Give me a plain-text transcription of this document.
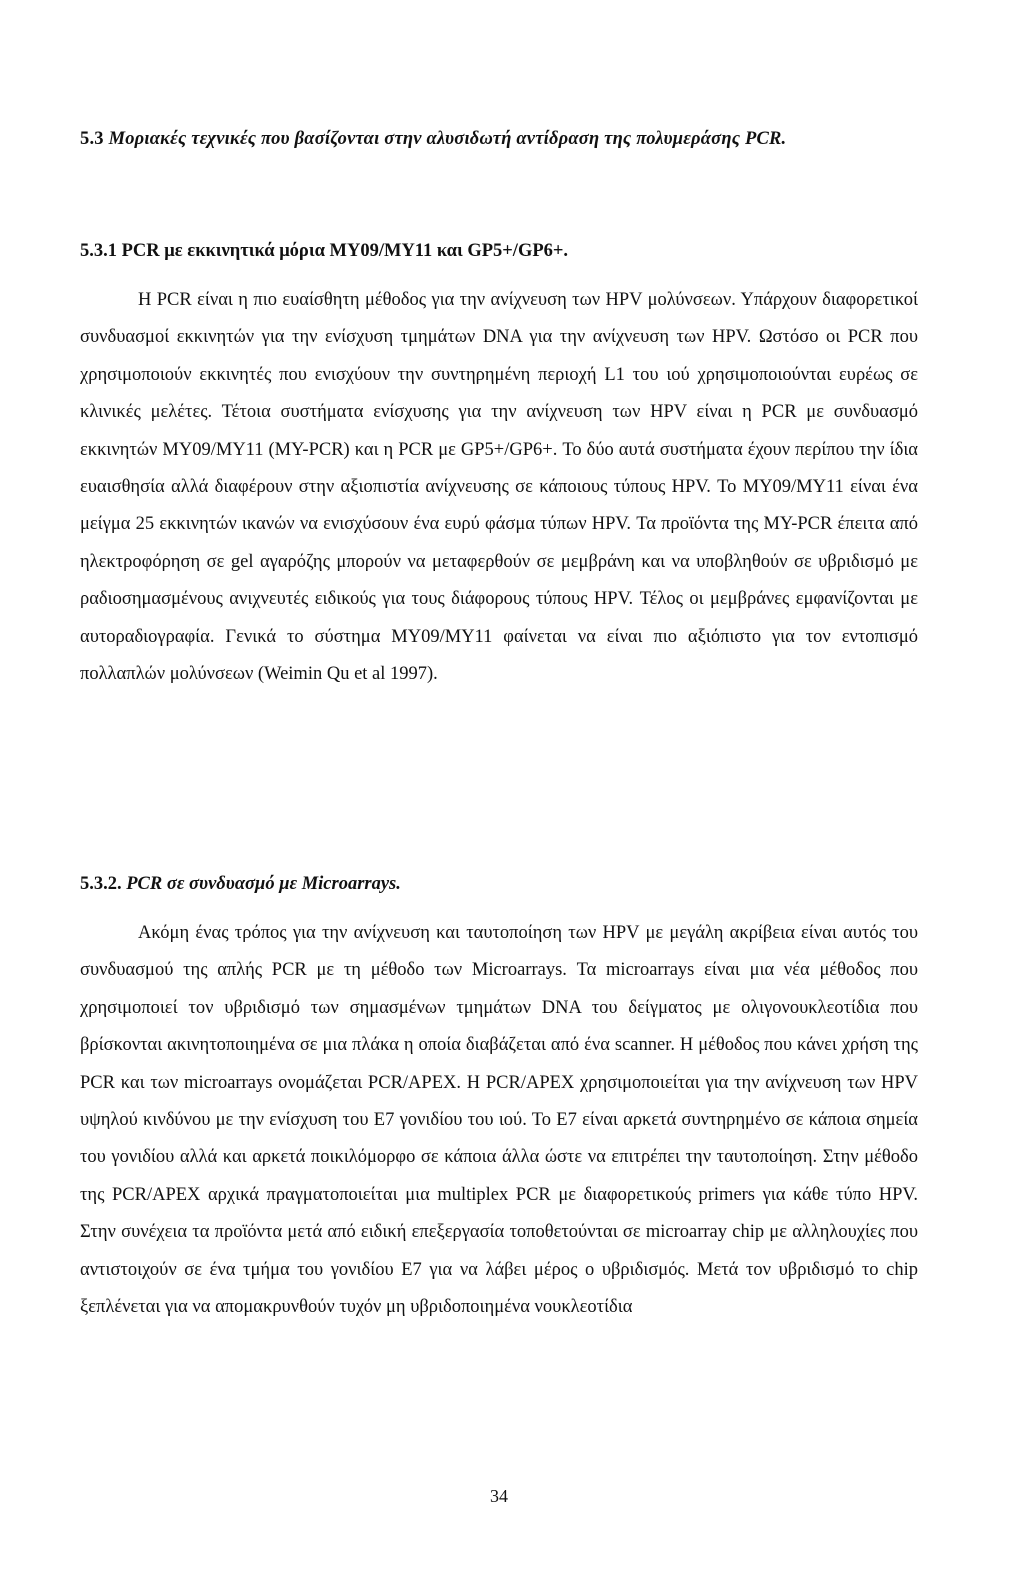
5.3 Μοριακές τεχνικές που βασίζονται στην αλυσιδωτή αντίδραση της πολυμεράσης PCR.
5.3.1 PCR με εκκινητικά μόρια MY09/MY11 και GP5+/GP6+.

Η PCR είναι η πιο ευαίσθητη μέθοδος για την ανίχνευση των HPV μολύνσεων. Υπάρχουν διαφορετικοί συνδυασμοί εκκινητών για την ενίσχυση τμημάτων DNA για την ανίχνευση των HPV. Ωστόσο οι PCR που χρησιμοποιούν εκκινητές που ενισχύουν την συντηρημένη περιοχή L1 του ιού χρησιμοποιούνται ευρέως σε κλινικές μελέτες. Τέτοια συστήματα ενίσχυσης για την ανίχνευση των HPV είναι η PCR με συνδυασμό εκκινητών MY09/MY11 (MY-PCR) και η PCR με GP5+/GP6+. Το δύο αυτά συστήματα έχουν περίπου την ίδια ευαισθησία αλλά διαφέρουν στην αξιοπιστία ανίχνευσης σε κάποιους τύπους HPV. Το MY09/MY11 είναι ένα μείγμα 25 εκκινητών ικανών να ενισχύσουν ένα ευρύ φάσμα τύπων HPV. Τα προϊόντα της MY-PCR έπειτα από ηλεκτροφόρηση σε gel αγαρόζης μπορούν να μεταφερθούν σε μεμβράνη και να υποβληθούν σε υβριδισμό με ραδιοσημασμένους ανιχνευτές ειδικούς για τους διάφορους τύπους HPV. Τέλος οι μεμβράνες εμφανίζονται με αυτοραδιογραφία. Γενικά το σύστημα MY09/MY11 φαίνεται να είναι πιο αξιόπιστο για τον εντοπισμό πολλαπλών μολύνσεων (Weimin Qu et al 1997).

5.3.2. PCR σε συνδυασμό με Microarrays.

Ακόμη ένας τρόπος για την ανίχνευση και ταυτοποίηση των HPV με μεγάλη ακρίβεια είναι αυτός του συνδυασμού της απλής PCR με τη μέθοδο των Microarrays. Τα microarrays είναι μια νέα μέθοδος που χρησιμοποιεί τον υβριδισμό των σημασμένων τμημάτων DNA του δείγματος με ολιγονουκλεοτίδια που βρίσκονται ακινητοποιημένα σε μια πλάκα η οποία διαβάζεται από ένα scanner. Η μέθοδος που κάνει χρήση της PCR και των microarrays ονομάζεται PCR/APEX. Η PCR/APEX χρησιμοποιείται για την ανίχνευση των HPV υψηλού κινδύνου με την ενίσχυση του E7 γονιδίου του ιού. Το E7 είναι αρκετά συντηρημένο σε κάποια σημεία του γονιδίου αλλά και αρκετά ποικιλόμορφο σε κάποια άλλα ώστε να επιτρέπει την ταυτοποίηση. Στην μέθοδο της PCR/APEX αρχικά πραγματοποιείται μια multiplex PCR με διαφορετικούς primers για κάθε τύπο HPV. Στην συνέχεια τα προϊόντα μετά από ειδική επεξεργασία τοποθετούνται σε microarray chip με αλληλουχίες που αντιστοιχούν σε ένα τμήμα του γονιδίου E7 για να λάβει μέρος ο υβριδισμός. Μετά τον υβριδισμό το chip ξεπλένεται για να απομακρυνθούν τυχόν μη υβριδοποιημένα νουκλεοτίδια

34
